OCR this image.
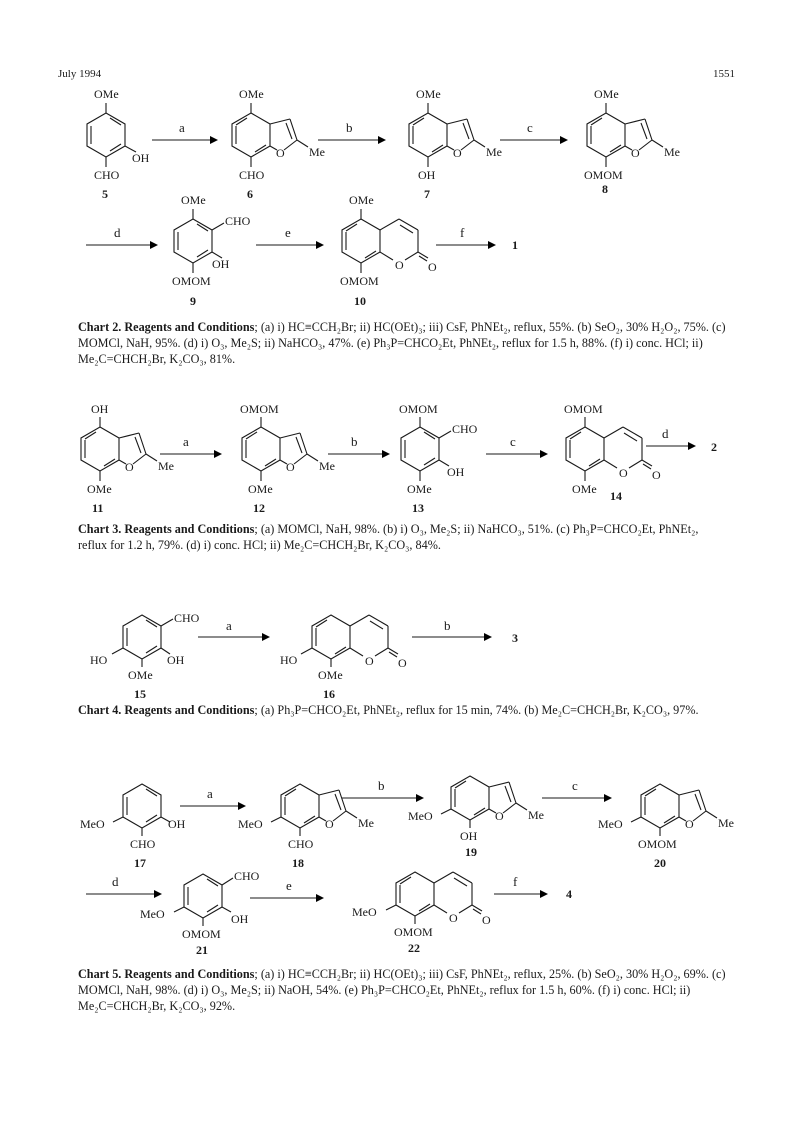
July 1994	1551
OMe
OH
CHO
5
a
OMe
O Me
CHO
6
b
OMe
O Me
OH
7
c
OMe
O Me
OMOM
8
d
OMe
CHO
OH
OMOM
9
e
OMe
O O
OMOM
10
f
1
Chart 2. Reagents and Conditions; (a) i) HC≡CCH₂Br; ii) HC(OEt)₃; iii) CsF, PhNEt₂, reflux, 55%. (b) SeO₂, 30% H₂O₂, 75%. (c) MOMCl, NaH, 95%. (d) i) O₃, Me₂S; ii) NaHCO₃, 47%. (e) Ph₃P=CHCO₂Et, PhNEt₂, reflux for 1.5 h, 88%. (f) i) conc. HCl; ii) Me₂C=CHCH₂Br, K₂CO₃, 81%.
OH
O Me
OMe
11
a
OMOM
O Me
OMe
12
b
OMOM
CHO
OH
OMe
13
c
OMOM
O O
OMe 14
d
2
Chart 3. Reagents and Conditions; (a) MOMCl, NaH, 98%. (b) i) O₃, Me₂S; ii) NaHCO₃, 51%. (c) Ph₃P=CHCO₂Et, PhNEt₂, reflux for 1.2 h, 79%. (d) i) conc. HCl; ii) Me₂C=CHCH₂Br, K₂CO₃, 84%.
CHO
OH
HO
OMe
15
a
HO	O O
OMe
16
b
3
Chart 4. Reagents and Conditions; (a) Ph₃P=CHCO₂Et, PhNEt₂, reflux for 15 min, 74%. (b) Me₂C=CHCH₂Br, K₂CO₃, 97%.
OH
MeO
CHO
17
a
MeO	O Me
CHO
18
b
MeO	O Me
OH
19
c
MeO	O Me
OMOM
20
d	CHO
OH
MeO
OMOM
21
e
MeO	O O
OMOM
22
f
4
Chart 5. Reagents and Conditions; (a) i) HC≡CCH₂Br; ii) HC(OEt)₃; iii) CsF, PhNEt₂, reflux, 25%. (b) SeO₂, 30% H₂O₂, 69%. (c) MOMCl, NaH, 98%. (d) i) O₃, Me₂S; ii) NaOH, 54%. (e) Ph₃P=CHCO₂Et, PhNEt₂, reflux for 1.5 h, 60%. (f) i) conc. HCl; ii) Me₂C=CHCH₂Br, K₂CO₃, 92%.
